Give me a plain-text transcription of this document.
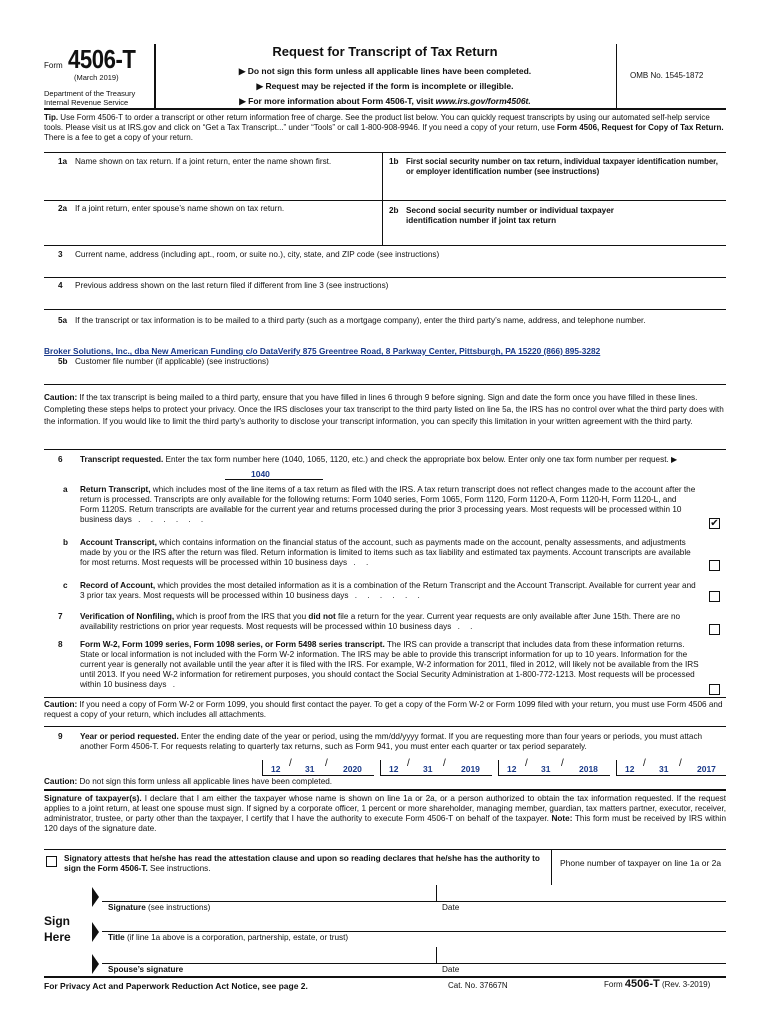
Form 4506-T
(March 2019)
Department of the Treasury
Internal Revenue Service
Request for Transcript of Tax Return
▶ Do not sign this form unless all applicable lines have been completed.
▶ Request may be rejected if the form is incomplete or illegible.
▶ For more information about Form 4506-T, visit www.irs.gov/form4506t.
OMB No. 1545-1872
Tip. Use Form 4506-T to order a transcript or other return information free of charge. See the product list below. You can quickly request transcripts by using our automated self-help service tools. Please visit us at IRS.gov and click on “Get a Tax Transcript...” under “Tools” or call 1-800-908-9946. If you need a copy of your return, use Form 4506, Request for Copy of Tax Return. There is a fee to get a copy of your return.
1a Name shown on tax return. If a joint return, enter the name shown first.	1b First social security number on tax return, individual taxpayer identification number, or employer identification number (see instructions)
2a If a joint return, enter spouse’s name shown on tax return.	2b Second social security number or individual taxpayer identification number if joint tax return
3 Current name, address (including apt., room, or suite no.), city, state, and ZIP code (see instructions)
4 Previous address shown on the last return filed if different from line 3 (see instructions)
5a If the transcript or tax information is to be mailed to a third party (such as a mortgage company), enter the third party’s name, address, and telephone number.
Broker Solutions, Inc., dba New American Funding c/o DataVerify 875 Greentree Road, 8 Parkway Center, Pittsburgh, PA 15220 (866) 895-3282
5b Customer file number (if applicable) (see instructions)
Caution: If the tax transcript is being mailed to a third party, ensure that you have filled in lines 6 through 9 before signing. Sign and date the form once you have filled in these lines. Completing these steps helps to protect your privacy. Once the IRS discloses your tax transcript to the third party listed on line 5a, the IRS has no control over what the third party does with the information. If you would like to limit the third party’s authority to disclose your transcript information, you can specify this limitation in your written agreement with the third party.
6 Transcript requested. Enter the tax form number here (1040, 1065, 1120, etc.) and check the appropriate box below. Enter only one tax form number per request. ▶
1040
a Return Transcript, which includes most of the line items of a tax return as filed with the IRS. A tax return transcript does not reflect changes made to the account after the return is processed. Transcripts are only available for the following returns: Form 1040 series, Form 1065, Form 1120, Form 1120-A, Form 1120-H, Form 1120-L, and Form 1120S. Return transcripts are available for the current year and returns processed during the prior 3 processing years. Most requests will be processed within 10 business days . . . . . .	✔
b Account Transcript, which contains information on the financial status of the account, such as payments made on the account, penalty assessments, and adjustments made by you or the IRS after the return was filed. Return information is limited to items such as tax liability and estimated tax payments. Account transcripts are available for most returns. Most requests will be processed within 10 business days . .
c Record of Account, which provides the most detailed information as it is a combination of the Return Transcript and the Account Transcript. Available for current year and 3 prior tax years. Most requests will be processed within 10 business days . . . . . .
7 Verification of Nonfiling, which is proof from the IRS that you did not file a return for the year. Current year requests are only available after June 15th. There are no availability restrictions on prior year requests. Most requests will be processed within 10 business days . .
8 Form W-2, Form 1099 series, Form 1098 series, or Form 5498 series transcript. The IRS can provide a transcript that includes data from these information returns. State or local information is not included with the Form W-2 information. The IRS may be able to provide this transcript information for up to 10 years. Information for the current year is generally not available until the year after it is filed with the IRS. For example, W-2 information for 2011, filed in 2012, will likely not be available from the IRS until 2013. If you need W-2 information for retirement purposes, you should contact the Social Security Administration at 1-800-772-1213. Most requests will be processed within 10 business days .
Caution: If you need a copy of Form W-2 or Form 1099, you should first contact the payer. To get a copy of the Form W-2 or Form 1099 filed with your return, you must use Form 4506 and request a copy of your return, which includes all attachments.
9 Year or period requested. Enter the ending date of the year or period, using the mm/dd/yyyy format. If you are requesting more than four years or periods, you must attach another Form 4506-T. For requests relating to quarterly tax returns, such as Form 941, you must enter each quarter or tax period separately.
12 / 31 / 2020	12 / 31 / 2019	12 / 31 / 2018	12 / 31 / 2017
Caution: Do not sign this form unless all applicable lines have been completed.
Signature of taxpayer(s). I declare that I am either the taxpayer whose name is shown on line 1a or 2a, or a person authorized to obtain the tax information requested. If the request applies to a joint return, at least one spouse must sign. If signed by a corporate officer, 1 percent or more shareholder, managing member, guardian, tax matters partner, executor, receiver, administrator, trustee, or party other than the taxpayer, I certify that I have the authority to execute Form 4506-T on behalf of the taxpayer. Note: This form must be received by IRS within 120 days of the signature date.
Signatory attests that he/she has read the attestation clause and upon so reading declares that he/she has the authority to sign the Form 4506-T. See instructions.
Phone number of taxpayer on line 1a or 2a
Sign
Here
Signature (see instructions)	Date
Title (if line 1a above is a corporation, partnership, estate, or trust)
Spouse’s signature	Date
For Privacy Act and Paperwork Reduction Act Notice, see page 2.	Cat. No. 37667N	Form 4506-T (Rev. 3-2019)
